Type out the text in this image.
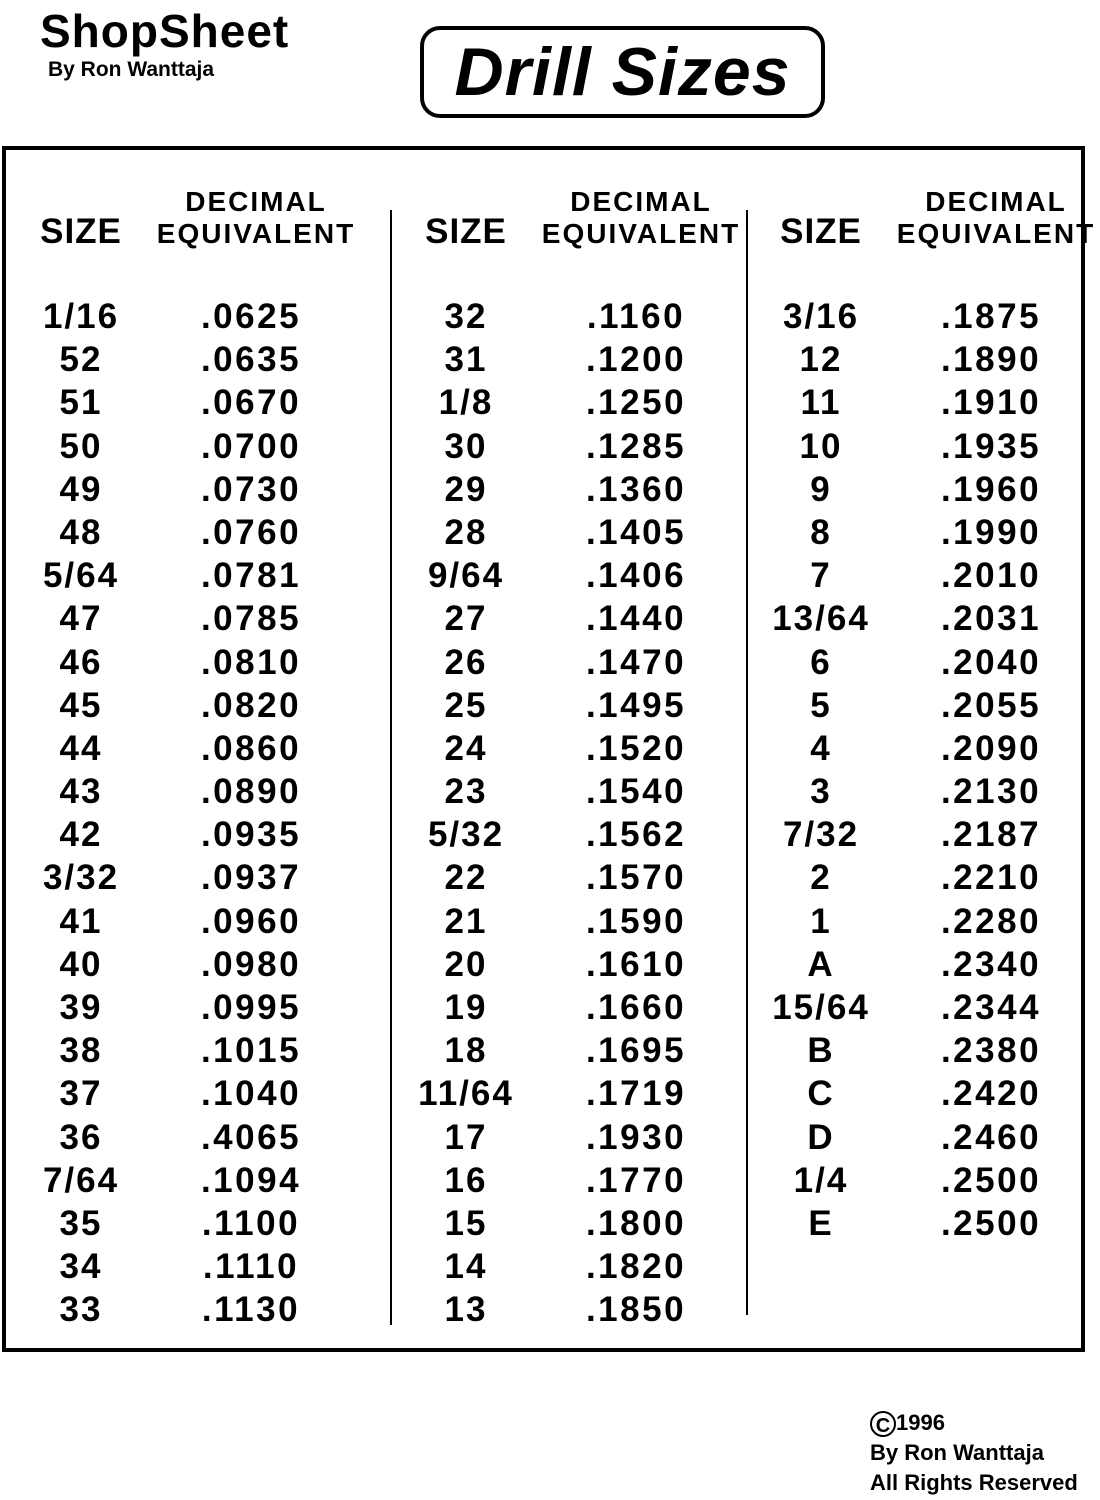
ShopSheet
By Ron Wanttaja	Drill Sizes
SIZE
DECIMAL
EQUIVALENT
1/16	.0625
52	.0635
51	.0670
50	.0700
49	.0730
48	.0760
5/64	.0781
47	.0785
46	.0810
45	.0820
44	.0860
43	.0890
42	.0935
3/32	.0937
41	.0960
40	.0980
39	.0995
38	.1015
37	.1040
36	.4065
7/64	.1094
35	.1100
34	.1110
33	.1130
SIZE
DECIMAL
EQUIVALENT
32	.1160
31	.1200
1/8	.1250
30	.1285
29	.1360
28	.1405
9/64	.1406
27	.1440
26	.1470
25	.1495
24	.1520
23	.1540
5/32	.1562
22	.1570
21	.1590
20	.1610
19	.1660
18	.1695
11/64	.1719
17	.1930
16	.1770
15	.1800
14	.1820
13	.1850
SIZE
DECIMAL
EQUIVALENT
3/16	.1875
12	.1890
11	.1910
10	.1935
9	.1960
8	.1990
7	.2010
13/64	.2031
6	.2040
5	.2055
4	.2090
3	.2130
7/32	.2187
2	.2210
1	.2280
A	.2340
15/64	.2344
B	.2380
C	.2420
D	.2460
1/4	.2500
E	.2500
C 1996
By Ron Wanttaja
All Rights Reserved
